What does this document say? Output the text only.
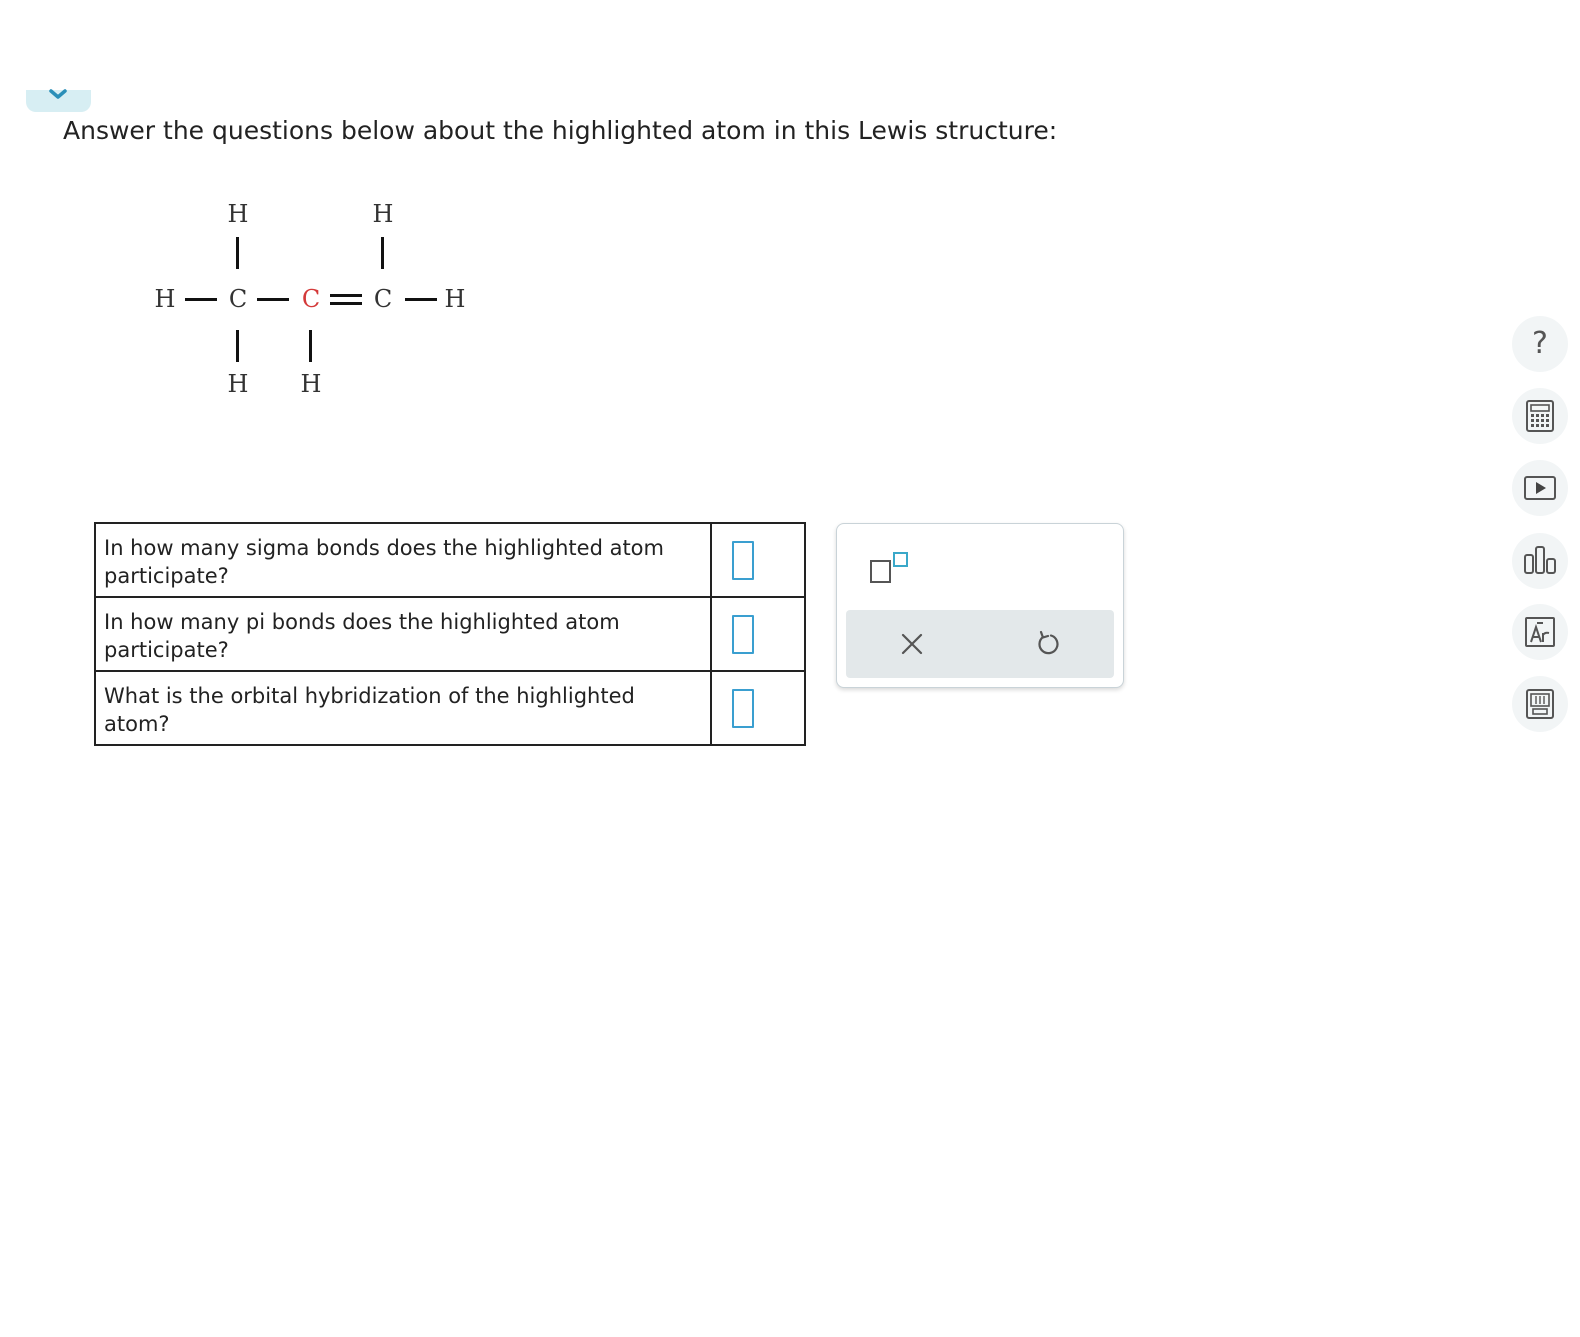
Answer the questions below about the highlighted atom in this Lewis structure:
H	H
H C C C H
H H
In how many sigma bonds does the highlighted atom participate?	

In how many pi bonds does the highlighted atom participate?	

What is the orbital hybridization of the highlighted atom?	
?
